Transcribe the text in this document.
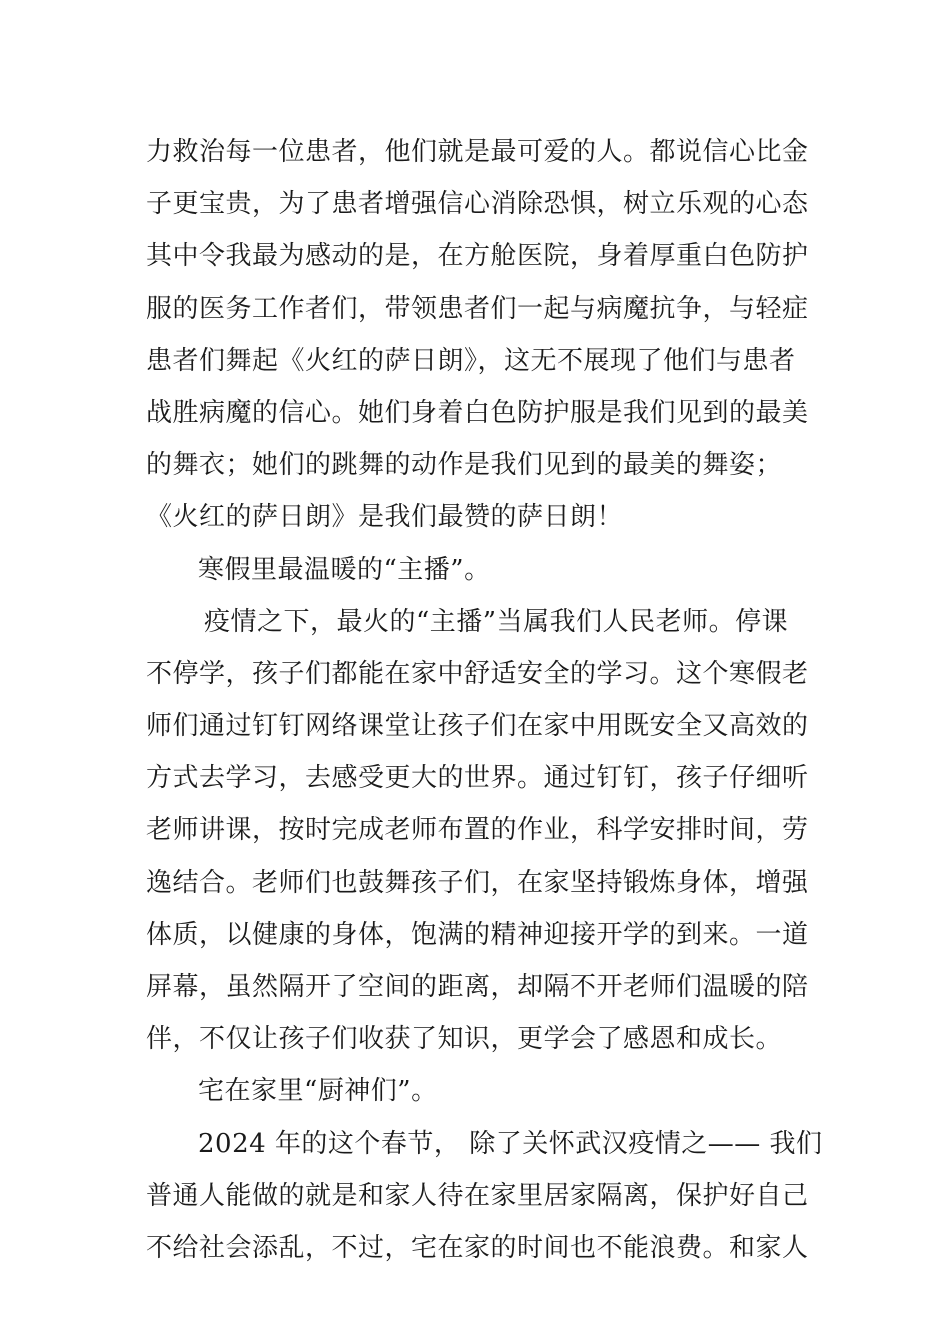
力救治每一位患者，他们就是最可爱的人。都说信心比金
子更宝贵，为了患者增强信心消除恐惧，树立乐观的心态
其中令我最为感动的是，在方舱医院，身着厚重白色防护
服的医务工作者们，带领患者们一起与病魔抗争，与轻症
患者们舞起《火红的萨日朗》，这无不展现了他们与患者
战胜病魔的信心。她们身着白色防护服是我们见到的最美
的舞衣；她们的跳舞的动作是我们见到的最美的舞姿；
《火红的萨日朗》是我们最赞的萨日朗！
寒假里最温暖的“主播”。
疫情之下，最火的“主播”当属我们人民老师。停课
不停学，孩子们都能在家中舒适安全的学习。这个寒假老
师们通过钉钉网络课堂让孩子们在家中用既安全又高效的
方式去学习，去感受更大的世界。通过钉钉，孩子仔细听
老师讲课，按时完成老师布置的作业，科学安排时间，劳
逸结合。老师们也鼓舞孩子们，在家坚持锻炼身体，增强
体质，以健康的身体，饱满的精神迎接开学的到来。一道
屏幕，虽然隔开了空间的距离，却隔不开老师们温暖的陪
伴，不仅让孩子们收获了知识，更学会了感恩和成长。
宅在家里“厨神们”。
2024 年的这个春节， 除了关怀武汉疫情之—— 我们
普通人能做的就是和家人待在家里居家隔离，保护好自己
不给社会添乱，不过，宅在家的时间也不能浪费。和家人
